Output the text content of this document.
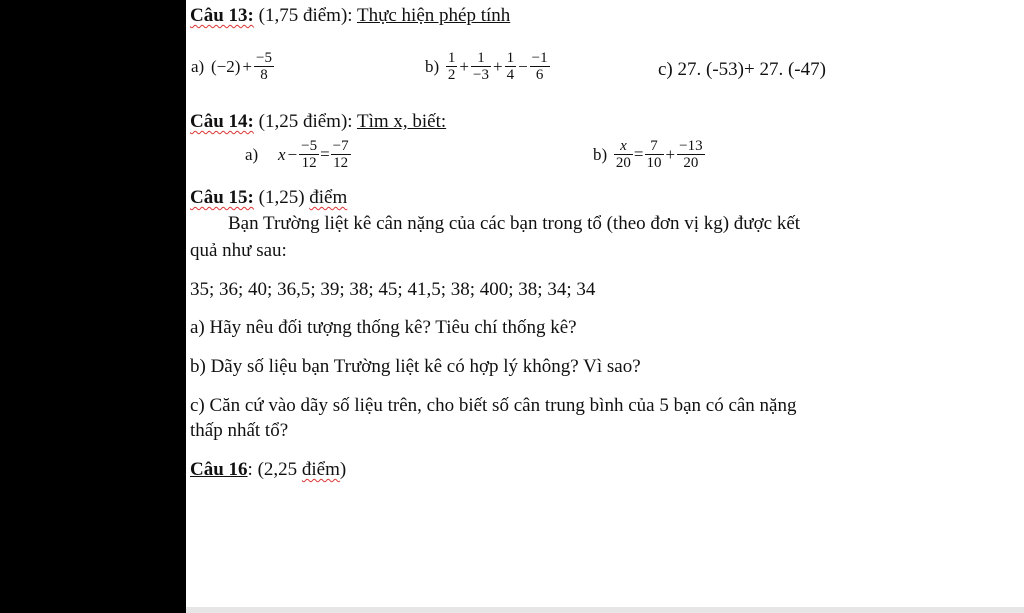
Câu 13: (1,75 điểm): Thực hiện phép tính
a) $(-2) + \frac{-5}{8}$	$b) \frac{1}{2} + \frac{1}{-3} + \frac{1}{4} - \frac{-1}{6}$	c) 27. (-53)+ 27. (-47)
Câu 14: (1,25 điểm): Tìm x, biết:
a) $x - \frac{-5}{12} = \frac{-7}{12}$	$b) \frac{x}{20} = \frac{7}{10} + \frac{-13}{20}$
Câu 15: (1,25) điểm
Bạn Trường liệt kê cân nặng của các bạn trong tổ (theo đơn vị kg) được kết
quả như sau:
35; 36; 40; 36,5; 39; 38; 45; 41,5; 38; 400; 38; 34; 34
a) Hãy nêu đối tượng thống kê? Tiêu chí thống kê?
b) Dãy số liệu bạn Trường liệt kê có hợp lý không? Vì sao?
c) Căn cứ vào dãy số liệu trên, cho biết số cân trung bình của 5 bạn có cân nặng
thấp nhất tổ?
Câu 16: (2,25 điểm)
